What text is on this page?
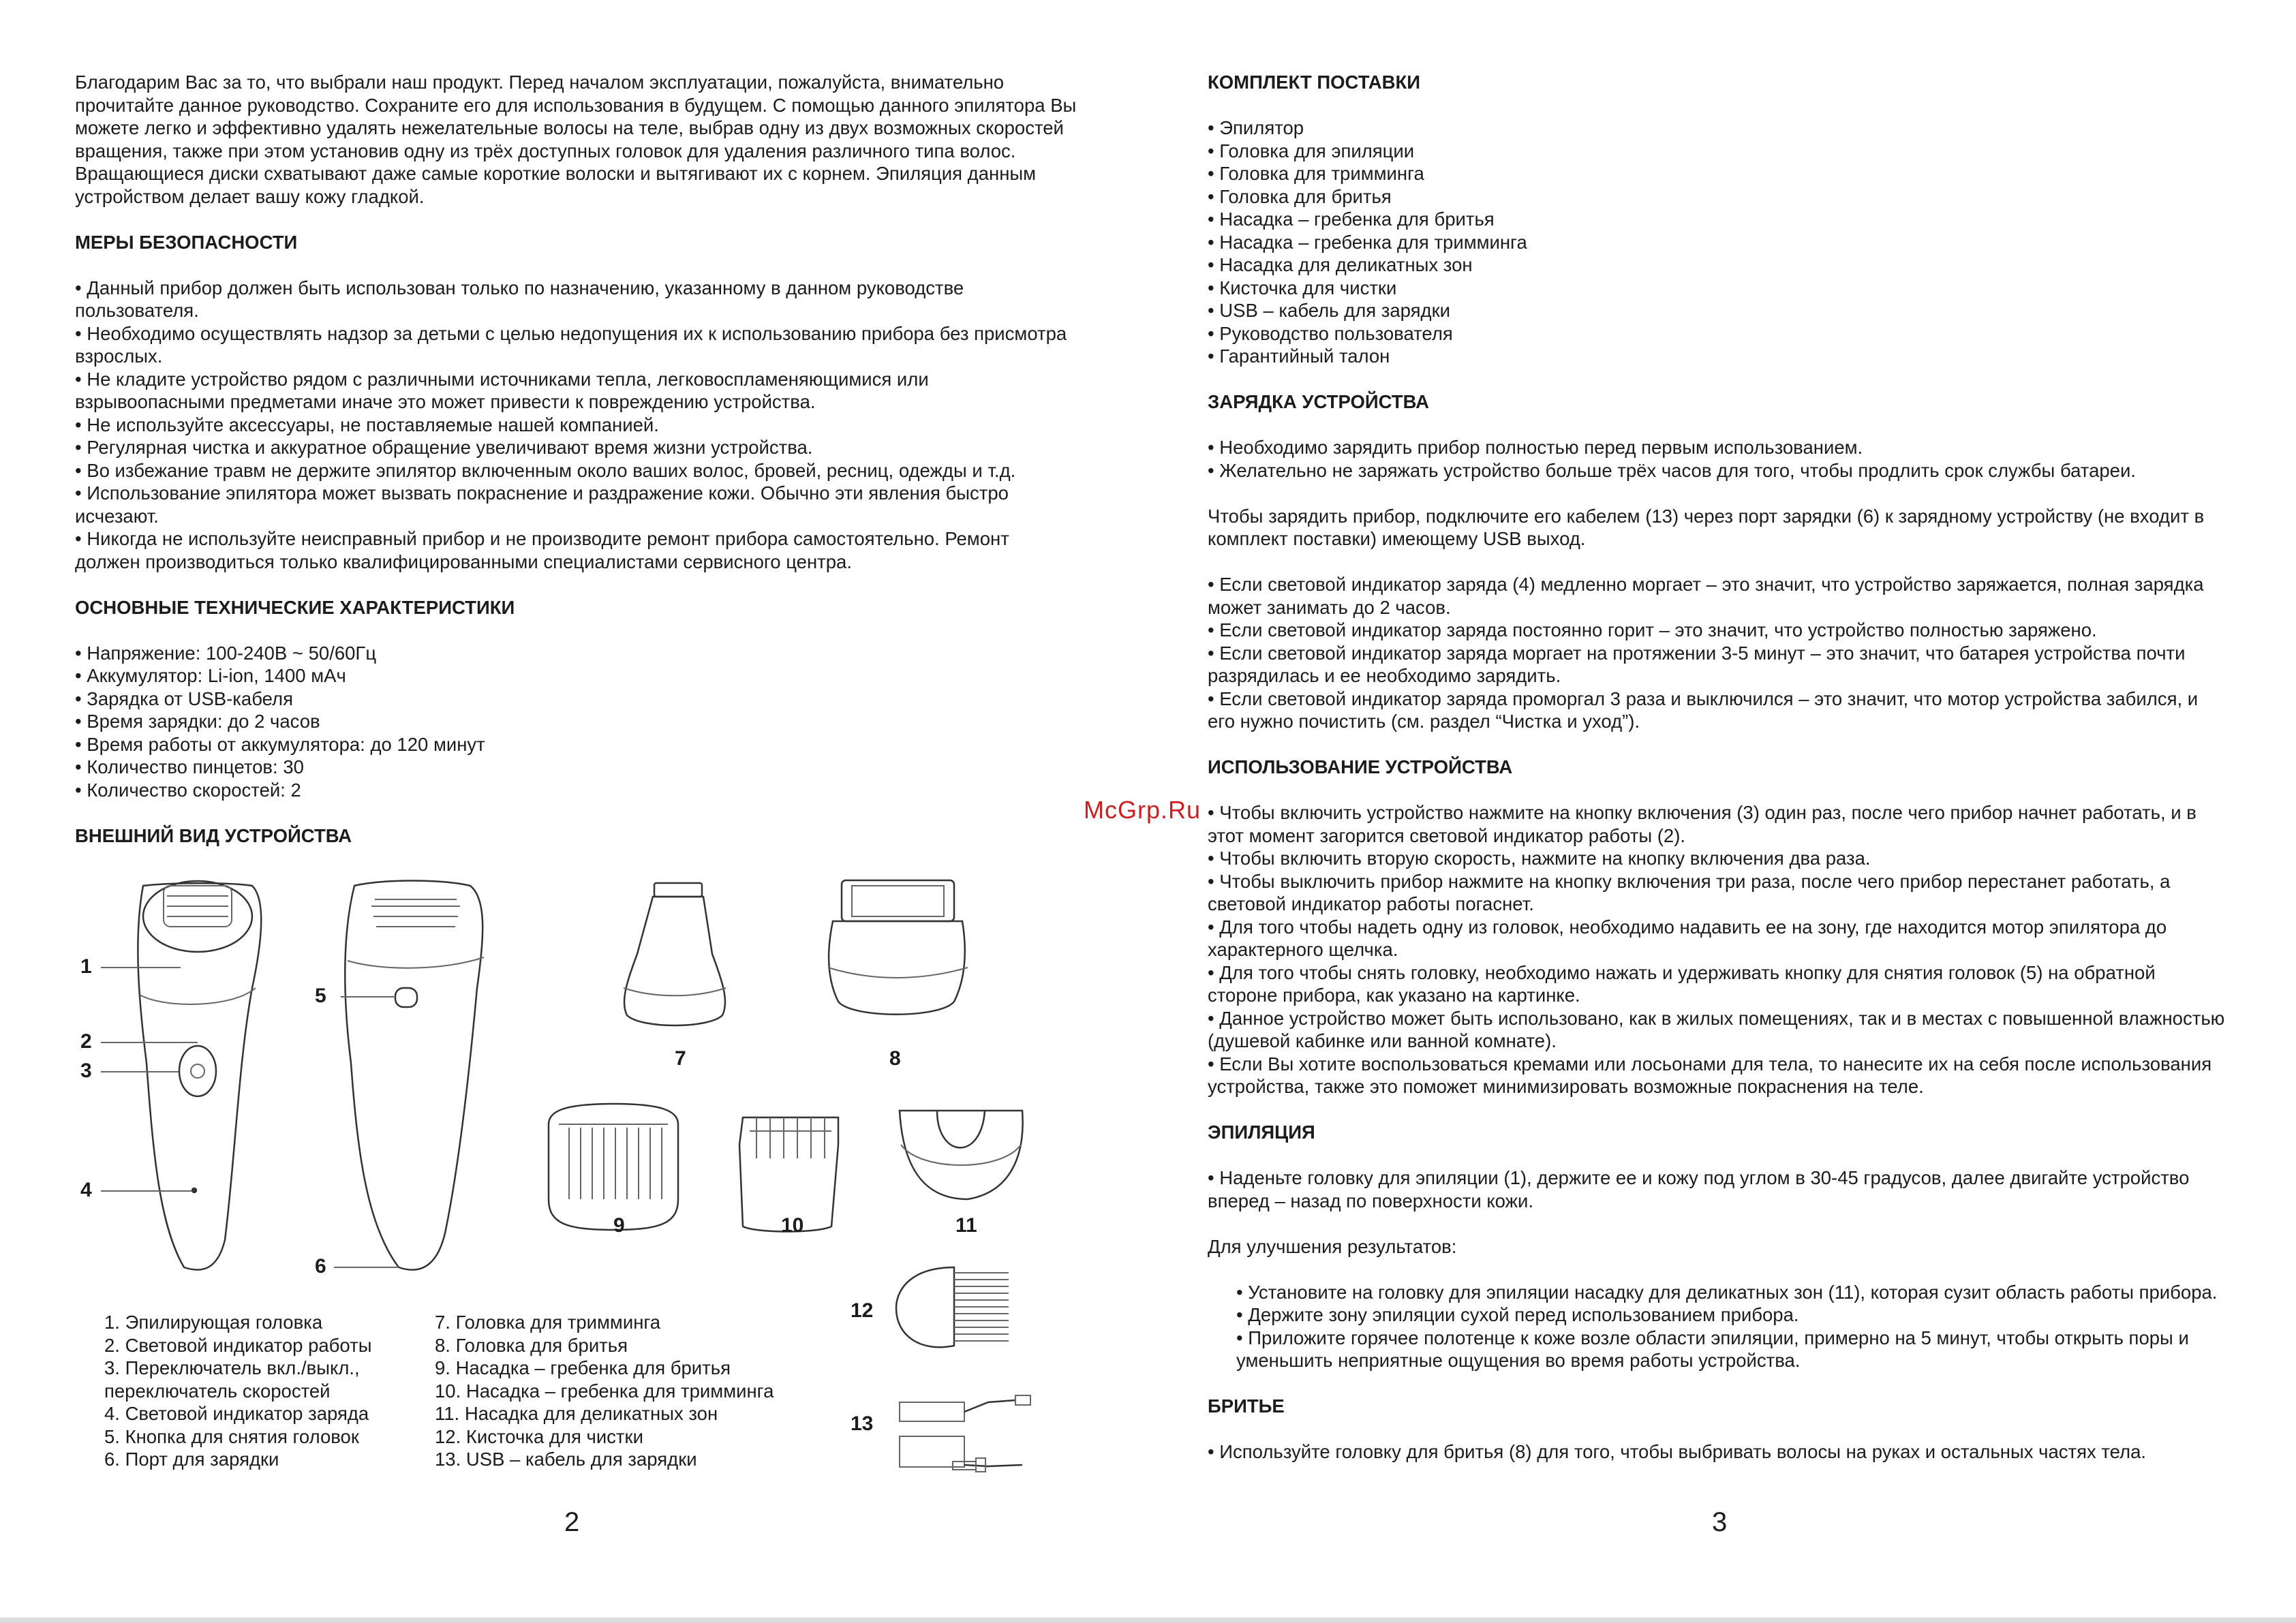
Благодарим Вас за то, что выбрали наш продукт. Перед началом эксплуатации, пожалуйста, внимательно прочитайте данное руководство. Сохраните его для использования в будущем. С помощью данного эпилятора Вы можете легко и эффективно удалять нежелательные волосы на теле, выбрав одну из двух возможных скоростей вращения, также при этом установив одну из трёх доступных головок для удаления различного типа волос. Вращающиеся диски схватывают даже самые короткие волоски и вытягивают их с корнем. Эпиляция данным устройством делает вашу кожу гладкой.

МЕРЫ БЕЗОПАСНОСТИ

• Данный прибор должен быть использован только по назначению, указанному в данном руководстве пользователя.

• Необходимо осуществлять надзор за детьми с целью недопущения их к использованию прибора без присмотра взрослых.

• Не кладите устройство рядом с различными источниками тепла, легковоспламеняющимися или взрывоопасными предметами иначе это может привести к повреждению устройства.

• Не используйте аксессуары, не поставляемые нашей компанией.

• Регулярная чистка и аккуратное обращение увеличивают время жизни устройства.

• Во избежание травм не держите эпилятор включенным около ваших волос, бровей, ресниц, одежды и т.д.

• Использование эпилятора может вызвать покраснение и раздражение кожи. Обычно эти явления быстро исчезают.

• Никогда не используйте неисправный прибор и не производите ремонт прибора самостоятельно. Ремонт должен производиться только квалифицированными специалистами сервисного центра.

ОСНОВНЫЕ ТЕХНИЧЕСКИЕ ХАРАКТЕРИСТИКИ

• Напряжение: 100-240В ~ 50/60Гц

• Аккумулятор: Li-ion, 1400 мАч

• Зарядка от USB-кабеля

• Время зарядки: до 2 часов

• Время работы от аккумулятора: до 120 минут

• Количество пинцетов: 30

• Количество скоростей: 2

ВНЕШНИЙ ВИД УСТРОЙСТВА
1
2
3
4
5
6
7	8
9	10	11
12
13

1. Эпилирующая головка

2. Световой индикатор работы

3. Переключатель вкл./выкл.,

переключатель скоростей

4. Световой индикатор заряда

5. Кнопка для снятия головок

6. Порт для зарядки

7. Головка для тримминга

8. Головка для бритья

9. Насадка – гребенка для бритья

10. Насадка – гребенка для тримминга

11. Насадка для деликатных зон

12. Кисточка для чистки

13. USB – кабель для зарядки

2
КОМПЛЕКТ ПОСТАВКИ

• Эпилятор

• Головка для эпиляции

• Головка для тримминга

• Головка для бритья

• Насадка – гребенка для бритья

• Насадка – гребенка для тримминга

• Насадка для деликатных зон

• Кисточка для чистки

• USB – кабель для зарядки

• Руководство пользователя

• Гарантийный талон

ЗАРЯДКА УСТРОЙСТВА

• Необходимо зарядить прибор полностью перед первым использованием.

• Желательно не заряжать устройство больше трёх часов для того, чтобы продлить срок службы батареи.

Чтобы зарядить прибор, подключите его кабелем (13) через порт зарядки (6) к зарядному устройству (не входит в комплект поставки) имеющему USB выход.

• Если световой индикатор заряда (4) медленно моргает – это значит, что устройство заряжается, полная зарядка может занимать до 2 часов.

• Если световой индикатор заряда постоянно горит – это значит, что устройство полностью заряжено.

• Если световой индикатор заряда моргает на протяжении 3-5 минут – это значит, что батарея устройства почти разрядилась и ее необходимо зарядить.

• Если световой индикатор заряда проморгал 3 раза и выключился – это значит, что мотор устройства забился, и его нужно почистить (см. раздел “Чистка и уход”).

ИСПОЛЬЗОВАНИЕ УСТРОЙСТВА

• Чтобы включить устройство нажмите на кнопку включения (3) один раз, после чего прибор начнет работать, и в этот момент загорится световой индикатор работы (2).

• Чтобы включить вторую скорость, нажмите на кнопку включения два раза.

• Чтобы выключить прибор нажмите на кнопку включения три раза, после чего прибор перестанет работать, а световой индикатор работы погаснет.

• Для того чтобы надеть одну из головок, необходимо надавить ее на зону, где находится мотор эпилятора до характерного щелчка.

• Для того чтобы снять головку, необходимо нажать и удерживать кнопку для снятия головок (5) на обратной стороне прибора, как указано на картинке.

• Данное устройство может быть использовано, как в жилых помещениях, так и в местах с повышенной влажностью (душевой кабинке или ванной комнате).

• Если Вы хотите воспользоваться кремами или лосьонами для тела, то нанесите их на себя после использования устройства, также это поможет минимизировать возможные покраснения на теле.

ЭПИЛЯЦИЯ

• Наденьте головку для эпиляции (1), держите ее и кожу под углом в 30-45 градусов, далее двигайте устройство вперед – назад по поверхности кожи.

Для улучшения результатов:

• Установите на головку для эпиляции насадку для деликатных зон (11), которая сузит область работы прибора.

• Держите зону эпиляции сухой перед использованием прибора.

• Приложите горячее полотенце к коже возле области эпиляции, примерно на 5 минут, чтобы открыть поры и уменьшить неприятные ощущения во время работы устройства.

БРИТЬЕ

• Используйте головку для бритья (8) для того, чтобы выбривать волосы на руках и остальных частях тела.

3
McGrp.Ru
